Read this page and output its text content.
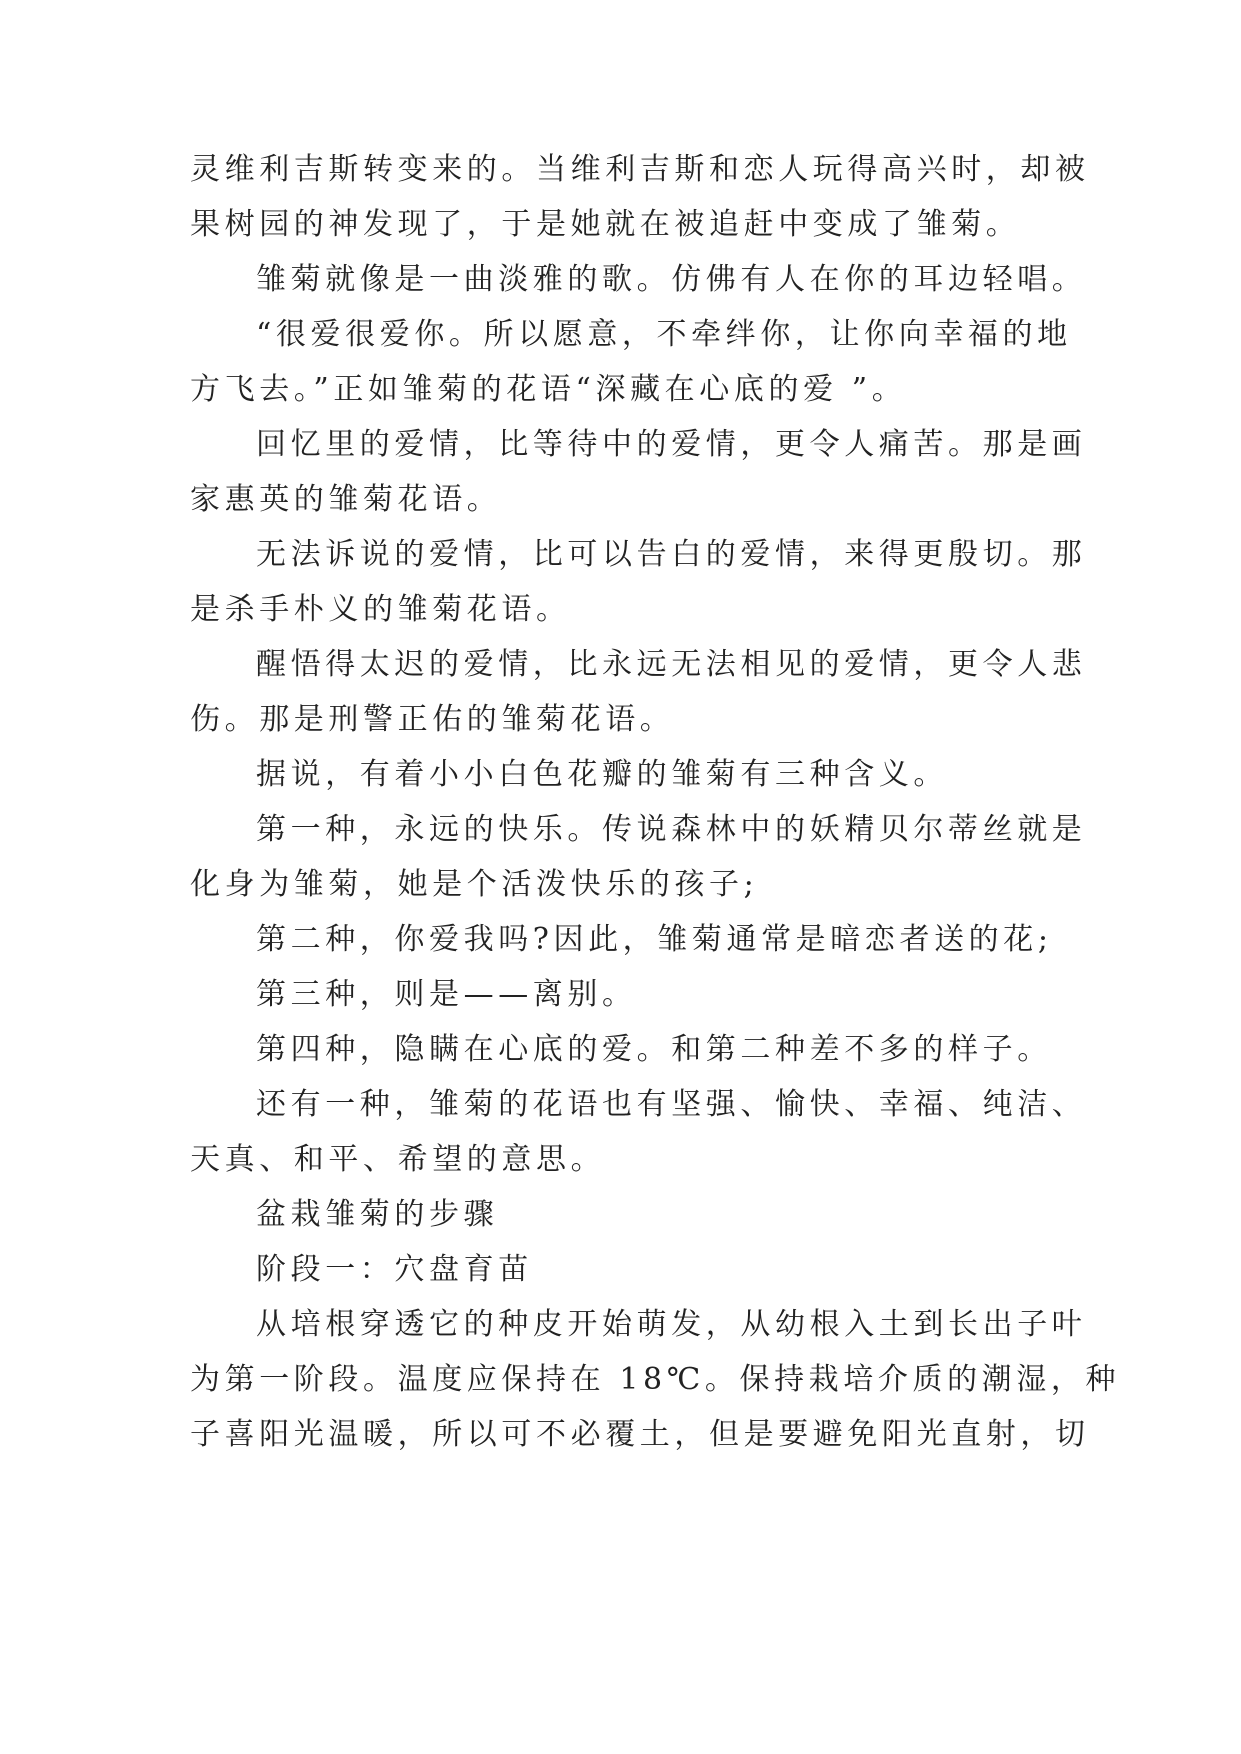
灵维利吉斯转变来的。当维利吉斯和恋人玩得高兴时，却被
果树园的神发现了，于是她就在被追赶中变成了雏菊。
雏菊就像是一曲淡雅的歌。仿佛有人在你的耳边轻唱。
“很爱很爱你。所以愿意，不牵绊你，让你向幸福的地
方飞去。”正如雏菊的花语“深藏在心底的爱 ”。
回忆里的爱情，比等待中的爱情，更令人痛苦。那是画
家惠英的雏菊花语。
无法诉说的爱情，比可以告白的爱情，来得更殷切。那
是杀手朴义的雏菊花语。
醒悟得太迟的爱情，比永远无法相见的爱情，更令人悲
伤。那是刑警正佑的雏菊花语。
据说，有着小小白色花瓣的雏菊有三种含义。
第一种，永远的快乐。传说森林中的妖精贝尔蒂丝就是
化身为雏菊，她是个活泼快乐的孩子;
第二种，你爱我吗?因此，雏菊通常是暗恋者送的花;
第三种，则是——离别。
第四种，隐瞒在心底的爱。和第二种差不多的样子。
还有一种，雏菊的花语也有坚强、愉快、幸福、纯洁、
天真、和平、希望的意思。
盆栽雏菊的步骤
阶段一：穴盘育苗
从培根穿透它的种皮开始萌发，从幼根入土到长出子叶
为第一阶段。温度应保持在 18℃。保持栽培介质的潮湿，种
子喜阳光温暖，所以可不必覆土，但是要避免阳光直射，切
